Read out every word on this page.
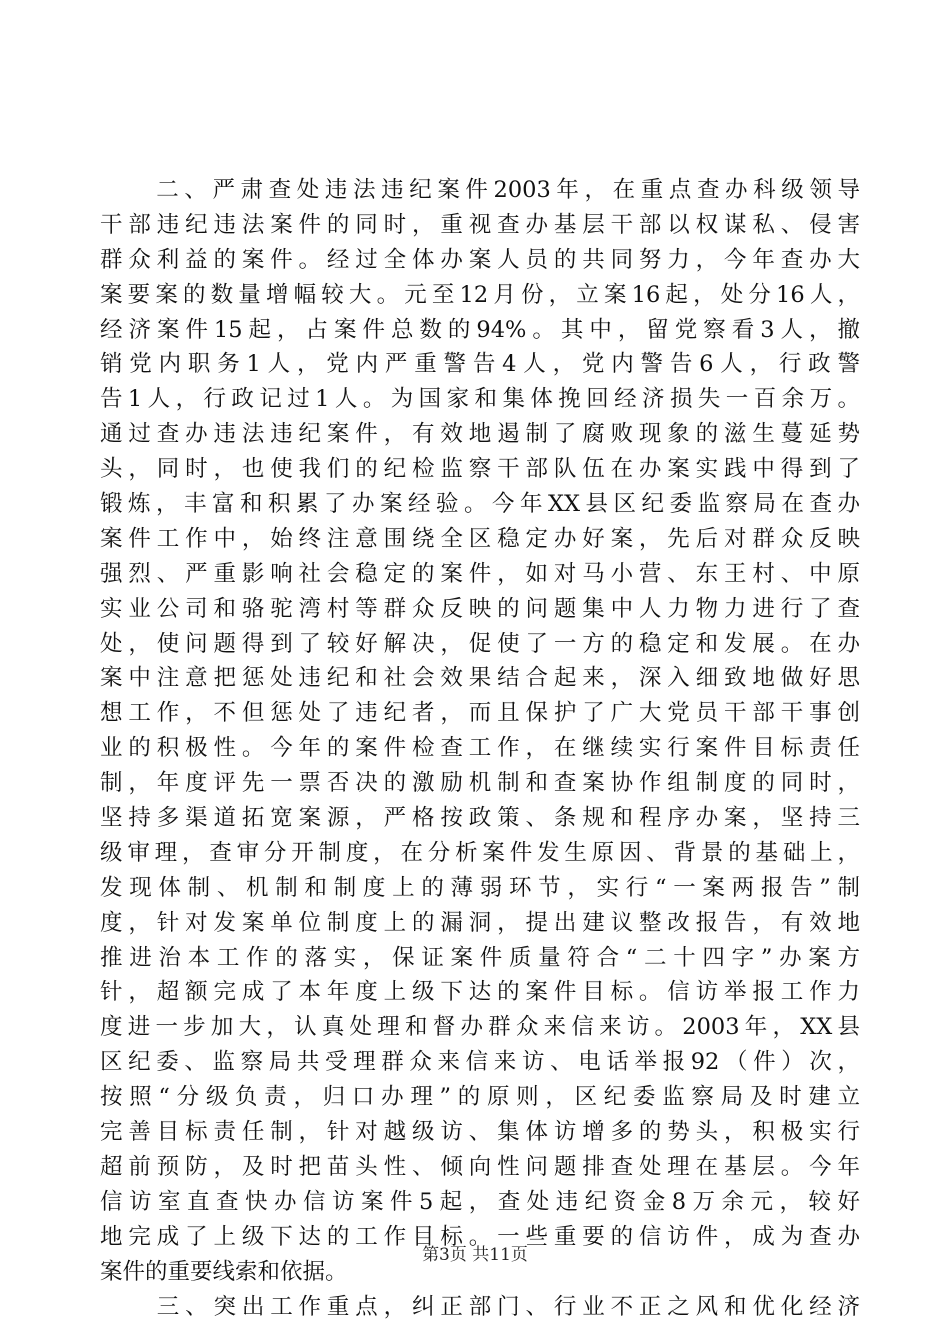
　　二、严肃查处违法违纪案件2003年，在重点查办科级领导
干部违纪违法案件的同时，重视查办基层干部以权谋私、侵害
群众利益的案件。经过全体办案人员的共同努力，今年查办大
案要案的数量增幅较大。元至12月份，立案16起，处分16人，
经济案件15起，占案件总数的94%。其中，留党察看3人，撤
销党内职务1人，党内严重警告4人，党内警告6人，行政警
告1人，行政记过1人。为国家和集体挽回经济损失一百余万。
通过查办违法违纪案件，有效地遏制了腐败现象的滋生蔓延势
头，同时，也使我们的纪检监察干部队伍在办案实践中得到了
锻炼，丰富和积累了办案经验。今年XX县区纪委监察局在查办
案件工作中，始终注意围绕全区稳定办好案，先后对群众反映
强烈、严重影响社会稳定的案件，如对马小营、东王村、中原
实业公司和骆驼湾村等群众反映的问题集中人力物力进行了查
处，使问题得到了较好解决，促使了一方的稳定和发展。在办
案中注意把惩处违纪和社会效果结合起来，深入细致地做好思
想工作，不但惩处了违纪者，而且保护了广大党员干部干事创
业的积极性。今年的案件检查工作，在继续实行案件目标责任
制，年度评先一票否决的激励机制和查案协作组制度的同时，
坚持多渠道拓宽案源，严格按政策、条规和程序办案，坚持三
级审理，查审分开制度，在分析案件发生原因、背景的基础上，
发现体制、机制和制度上的薄弱环节，实行“一案两报告”制
度，针对发案单位制度上的漏洞，提出建议整改报告，有效地
推进治本工作的落实，保证案件质量符合“二十四字”办案方
针，超额完成了本年度上级下达的案件目标。信访举报工作力
度进一步加大，认真处理和督办群众来信来访。2003年，XX县
区纪委、监察局共受理群众来信来访、电话举报92（件）次，
按照“分级负责，归口办理”的原则，区纪委监察局及时建立
完善目标责任制，针对越级访、集体访增多的势头，积极实行
超前预防，及时把苗头性、倾向性问题排查处理在基层。今年
信访室直查快办信访案件5起，查处违纪资金8万余元，较好
地完成了上级下达的工作目标。一些重要的信访件，成为查办
案件的重要线索和依据。
　　三、突出工作重点，纠正部门、行业不正之风和优化经济
第3页 共11页
